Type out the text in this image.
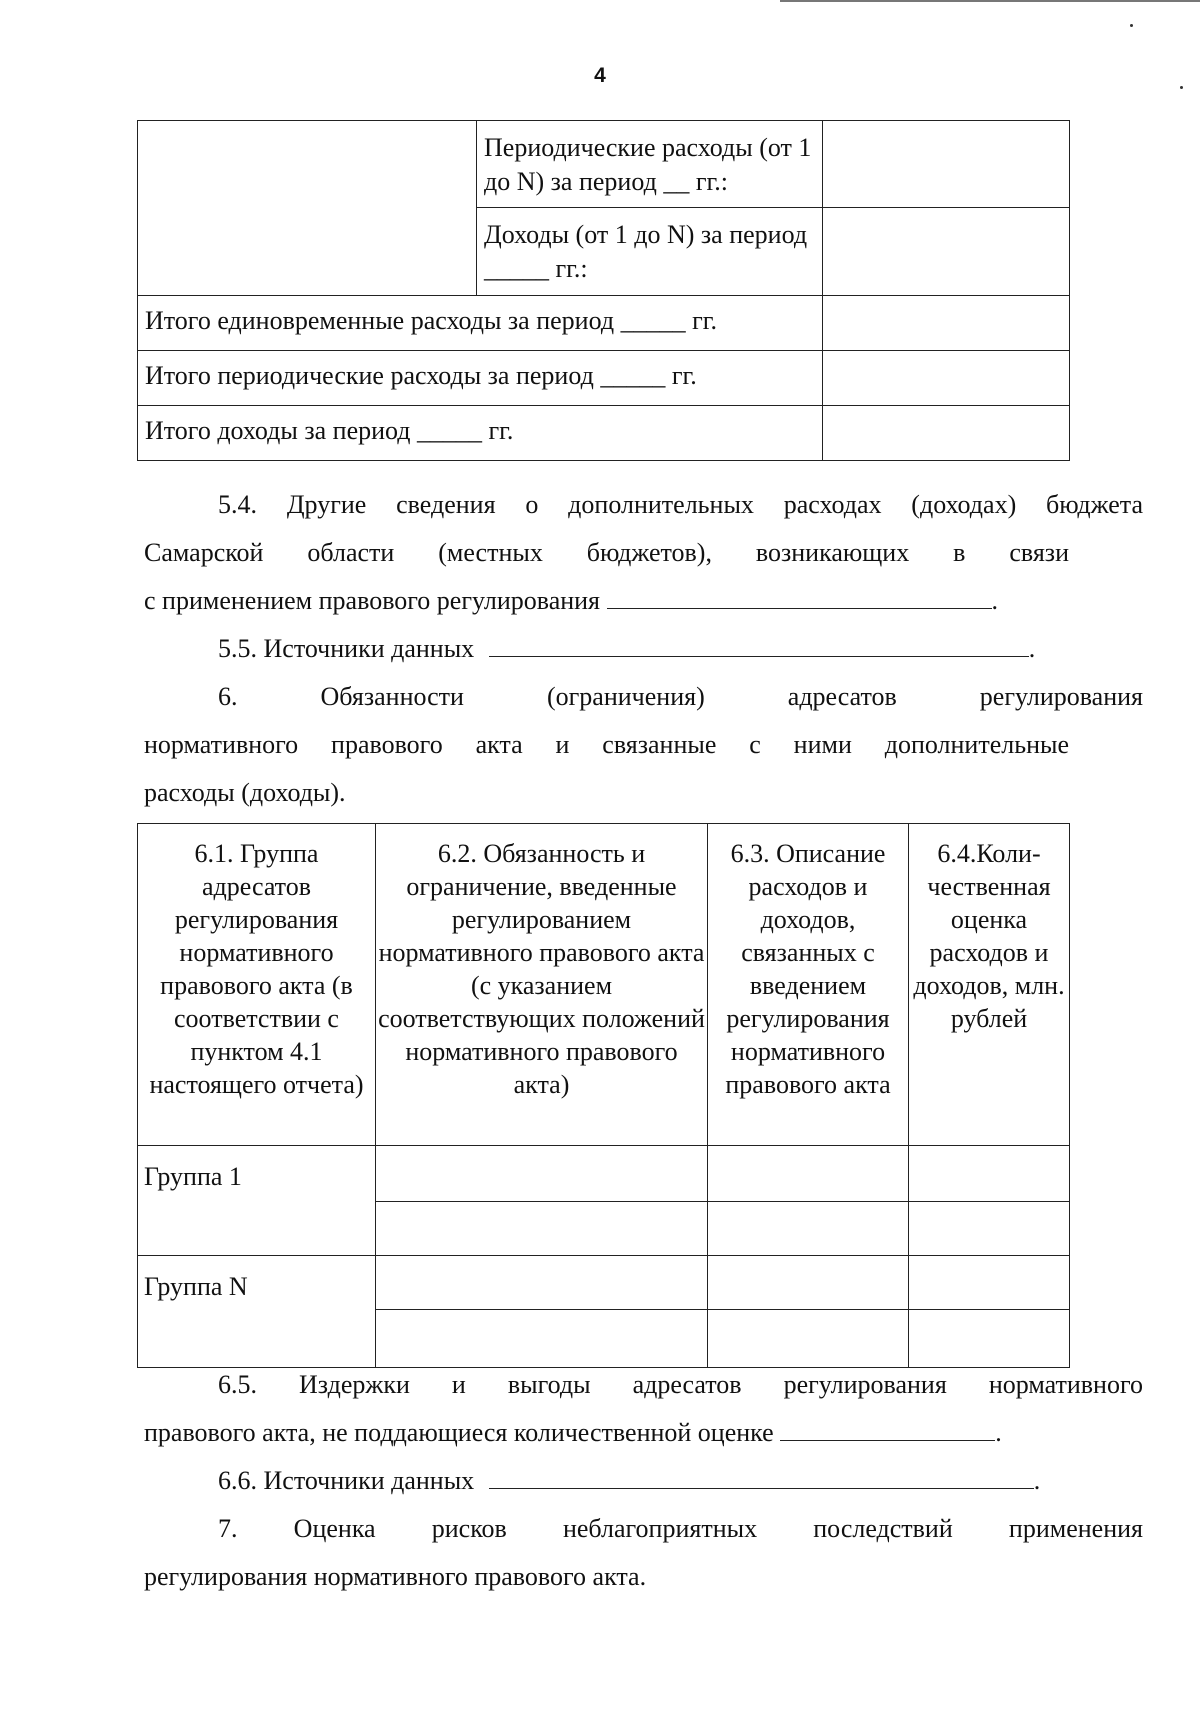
4
	Периодические расходы (от 1 до N) за период __ гг.:	
	Доходы (от 1 до N) за период _____ гг.:	
Итого единовременные расходы за период _____ гг.		
Итого периодические расходы за период _____ гг.		
Итого доходы за период _____ гг.		

5.4. Другие сведения о дополнительных расходах (доходах) бюджета

Самарской области (местных бюджетов), возникающих в связи

с применением правового регулирования	.

5.5. Источники данных	.

6. Обязанности (ограничения) адресатов регулирования

нормативного правового акта и связанные с ними дополнительные

расходы (доходы).

6.1. Группа адресатов регулирования нормативного правового акта (в соответствии с пунктом 4.1 настоящего отчета)	6.2. Обязанность и ограничение, введенные регулированием нормативного правового акта (с указанием соответствующих положений нормативного правового акта)	6.3. Описание расходов и доходов, связанных с введением регулирования нормативного правового акта	6.4.Коли-чественная оценка расходов и доходов, млн. рублей
Группа 1			

Группа N			

6.5. Издержки и выгоды адресатов регулирования нормативного

правового акта, не поддающиеся количественной оценке	.

6.6. Источники данных	.

7. Оценка рисков неблагоприятных последствий применения

регулирования нормативного правового акта.
